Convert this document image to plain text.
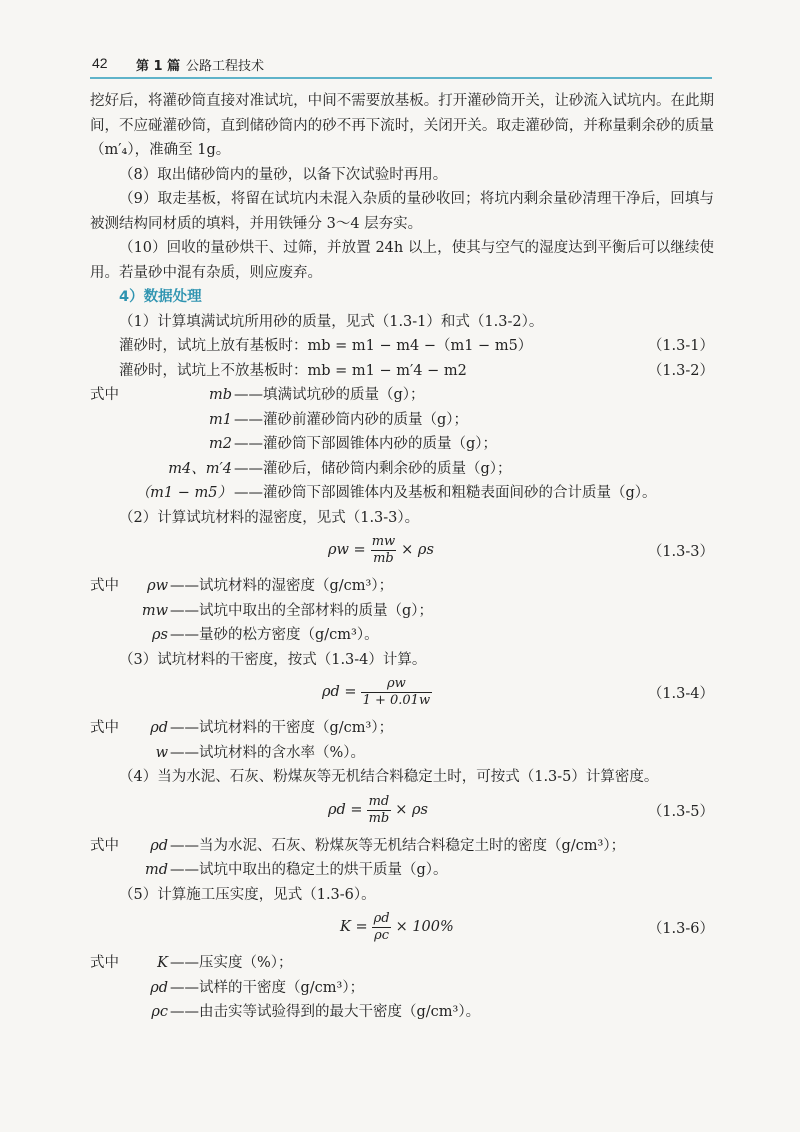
42 第 1 篇 公路工程技术

挖好后，将灌砂筒直接对准试坑，中间不需要放基板。打开灌砂筒开关，让砂流入试坑内。在此期间，不应碰灌砂筒，直到储砂筒内的砂不再下流时，关闭开关。取走灌砂筒，并称量剩余砂的质量（m′₄），准确至 1g。

（8）取出储砂筒内的量砂，以备下次试验时再用。

（9）取走基板，将留在试坑内未混入杂质的量砂收回；将坑内剩余量砂清理干净后，回填与被测结构同材质的填料，并用铁锤分 3～4 层夯实。

（10）回收的量砂烘干、过筛，并放置 24h 以上，使其与空气的湿度达到平衡后可以继续使用。若量砂中混有杂质，则应废弃。

4）数据处理

（1）计算填满试坑所用砂的质量，见式（1.3-1）和式（1.3-2）。

灌砂时，试坑上放有基板时：mb = m1 − m4 −（m1 − m5）	（1.3-1）
灌砂时，试坑上不放基板时：mb = m1 − m′4 − m2	（1.3-2）
式中	mb ——填满试坑砂的质量（g）；
m1 ——灌砂前灌砂筒内砂的质量（g）；
m2 ——灌砂筒下部圆锥体内砂的质量（g）；
m4、m′4 ——灌砂后，储砂筒内剩余砂的质量（g）；
（m1 − m5） ——灌砂筒下部圆锥体内及基板和粗糙表面间砂的合计质量（g）。

（2）计算试坑材料的湿密度，见式（1.3-3）。

$\rho w = \frac{mw}{mb} \times \rho s$	（1.3-3）
式中	ρw ——试坑材料的湿密度（g/cm³）；
mw ——试坑中取出的全部材料的质量（g）；
ρs ——量砂的松方密度（g/cm³）。

（3）试坑材料的干密度，按式（1.3-4）计算。

$\rho d = \frac{\rho w}{1 + 0.01w}$	（1.3-4）
式中	ρd ——试坑材料的干密度（g/cm³）；
w ——试坑材料的含水率（%）。

（4）当为水泥、石灰、粉煤灰等无机结合料稳定土时，可按式（1.3-5）计算密度。

$\rho d = \frac{md}{mb} \times \rho s$	（1.3-5）
式中	ρd ——当为水泥、石灰、粉煤灰等无机结合料稳定土时的密度（g/cm³）；
md ——试坑中取出的稳定土的烘干质量（g）。

（5）计算施工压实度，见式（1.3-6）。

$K = \frac{\rho d}{\rho c} \times 100\%$	（1.3-6）
式中	K ——压实度（%）；
ρd ——试样的干密度（g/cm³）；
ρc ——由击实等试验得到的最大干密度（g/cm³）。
